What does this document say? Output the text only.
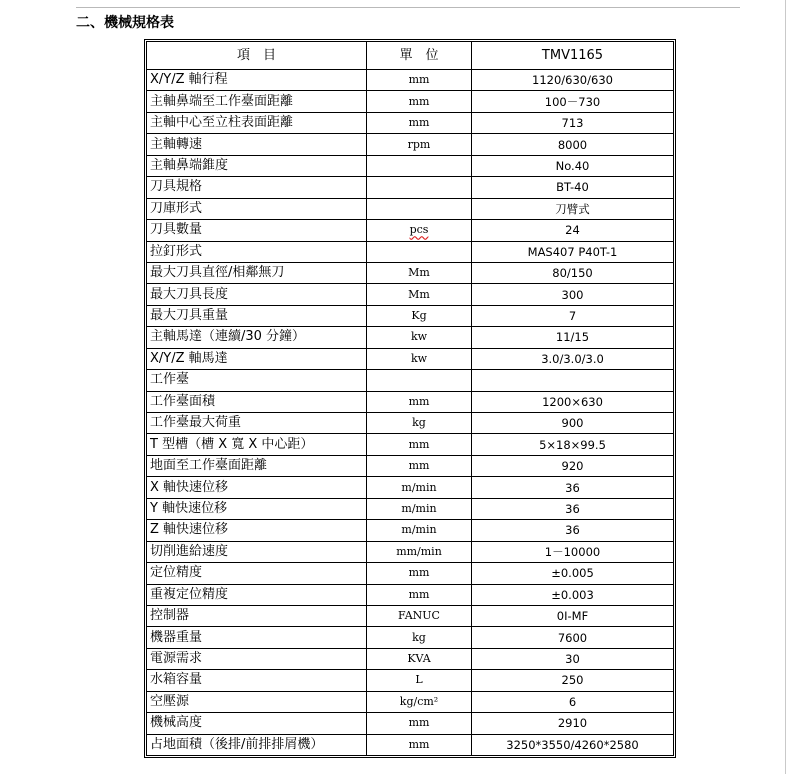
二、機械規格表
項　目	單　位	TMV1165
X/Y/Z 軸行程	mm	1120/630/630
主軸鼻端至工作臺面距離	mm	100－730
主軸中心至立柱表面距離	mm	713
主軸轉速	rpm	8000
主軸鼻端錐度		No.40
刀具規格		BT-40
刀庫形式		刀臂式
刀具數量	pcs	24
拉釘形式		MAS407 P40T-1
最大刀具直徑/相鄰無刀	Mm	80/150
最大刀具長度	Mm	300
最大刀具重量	Kg	7
主軸馬達（連續/30 分鐘）	kw	11/15
X/Y/Z 軸馬達	kw	3.0/3.0/3.0
工作臺		
工作臺面積	mm	1200×630
工作臺最大荷重	kg	900
T 型槽（槽 X 寬 X 中心距）	mm	5×18×99.5
地面至工作臺面距離	mm	920
X 軸快速位移	m/min	36
Y 軸快速位移	m/min	36
Z 軸快速位移	m/min	36
切削進給速度	mm/min	1－10000
定位精度	mm	±0.005
重複定位精度	mm	±0.003
控制器	FANUC	0I-MF
機器重量	kg	7600
電源需求	KVA	30
水箱容量	L	250
空壓源	kg/cm²	6
機械高度	mm	2910
占地面積（後排/前排排屑機）	mm	3250*3550/4260*2580
